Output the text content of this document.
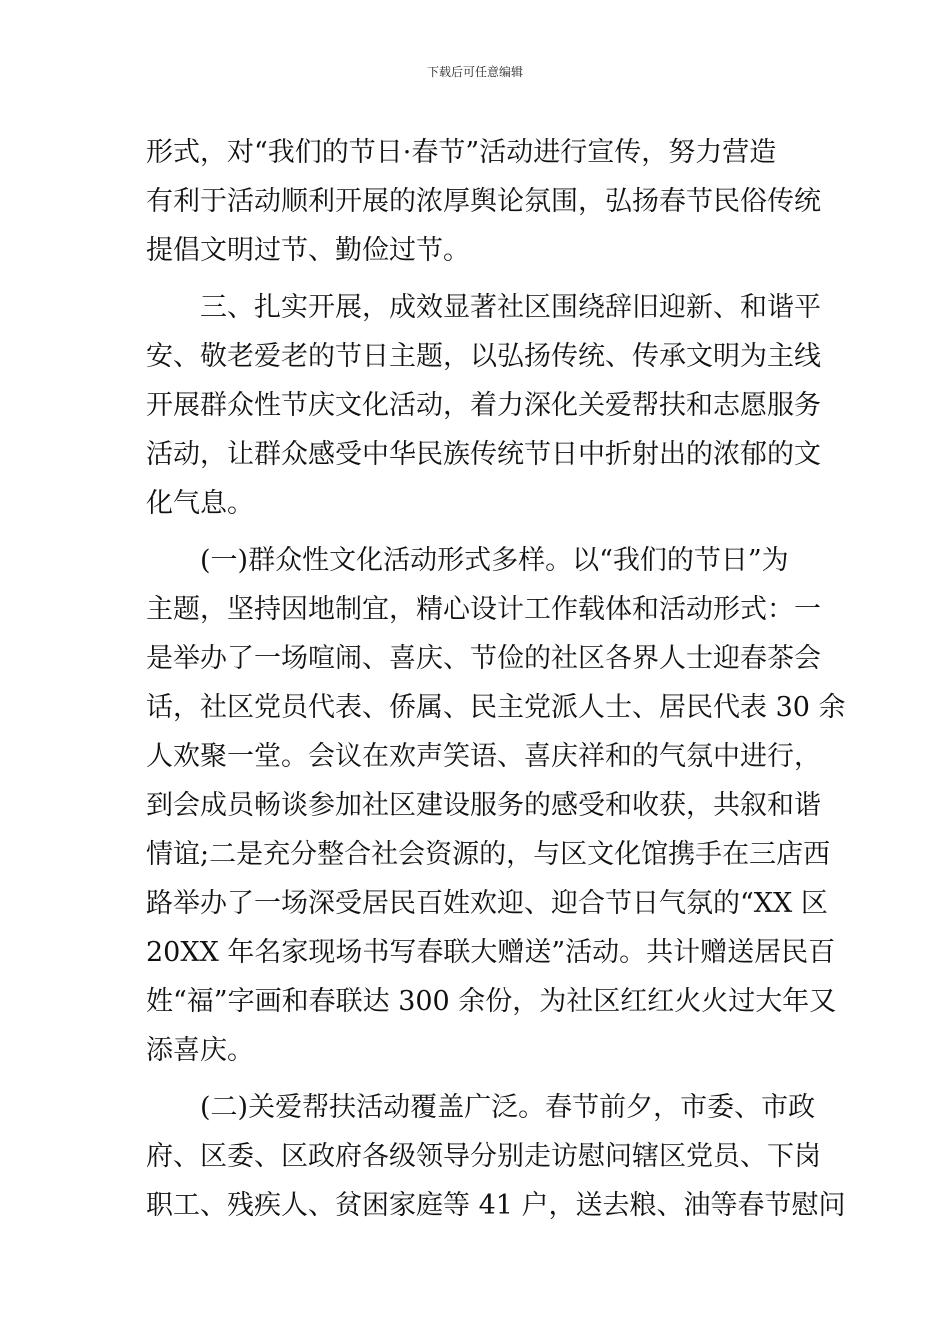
下载后可任意编辑
形式，对“我们的节日·春节”活动进行宣传，努力营造
有利于活动顺利开展的浓厚舆论氛围，弘扬春节民俗传统
提倡文明过节、勤俭过节。
三、扎实开展，成效显著社区围绕辞旧迎新、和谐平
安、敬老爱老的节日主题，以弘扬传统、传承文明为主线
开展群众性节庆文化活动，着力深化关爱帮扶和志愿服务
活动，让群众感受中华民族传统节日中折射出的浓郁的文
化气息。
(一)群众性文化活动形式多样。以“我们的节日”为
主题，坚持因地制宜，精心设计工作载体和活动形式：一
是举办了一场喧闹、喜庆、节俭的社区各界人士迎春茶会
话，社区党员代表、侨属、民主党派人士、居民代表 30 余
人欢聚一堂。会议在欢声笑语、喜庆祥和的气氛中进行，
到会成员畅谈参加社区建设服务的感受和收获，共叙和谐
情谊;二是充分整合社会资源的，与区文化馆携手在三店西
路举办了一场深受居民百姓欢迎、迎合节日气氛的“XX 区
20XX 年名家现场书写春联大赠送”活动。共计赠送居民百
姓“福”字画和春联达 300 余份，为社区红红火火过大年又
添喜庆。
(二)关爱帮扶活动覆盖广泛。春节前夕，市委、市政
府、区委、区政府各级领导分别走访慰问辖区党员、下岗
职工、残疾人、贫困家庭等 41 户，送去粮、油等春节慰问
